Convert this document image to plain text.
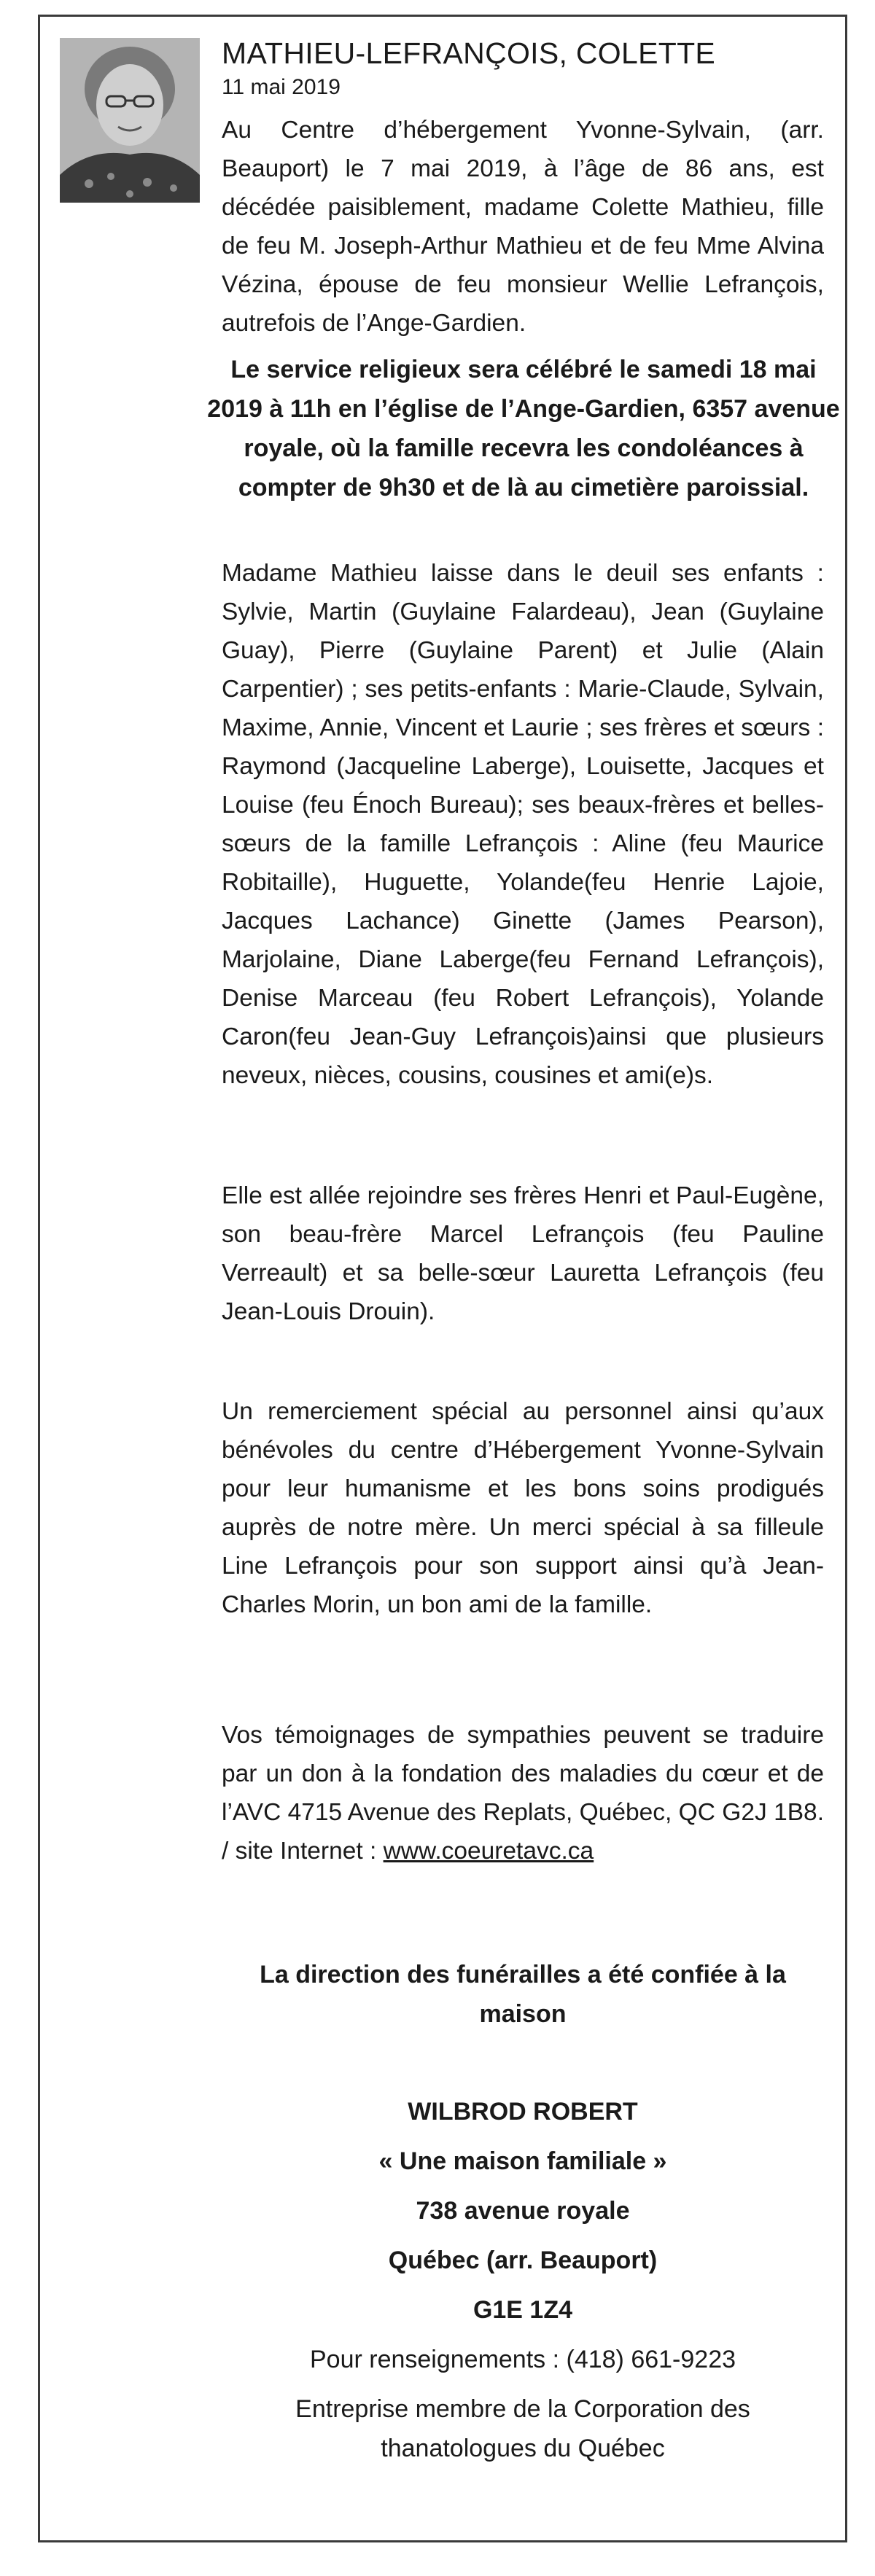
MATHIEU-LEFRANÇOIS, COLETTE
11 mai 2019

Au Centre d’hébergement Yvonne-Sylvain, (arr. Beauport) le 7 mai 2019, à l’âge de 86 ans, est décédée paisiblement, madame Colette Mathieu, fille de feu M. Joseph-Arthur Mathieu et de feu Mme Alvina Vézina, épouse de feu monsieur Wellie Lefrançois, autrefois de l’Ange-Gardien.

Le service religieux sera célébré le samedi 18 mai 2019 à 11h en l’église de l’Ange-Gardien, 6357 avenue royale, où la famille recevra les condoléances à compter de 9h30 et de là au cimetière paroissial.

Madame Mathieu laisse dans le deuil ses enfants : Sylvie, Martin (Guylaine Falardeau), Jean (Guylaine Guay), Pierre (Guylaine Parent) et Julie (Alain Carpentier) ; ses petits-enfants : Marie-Claude, Sylvain, Maxime, Annie, Vincent et Laurie ; ses frères et sœurs : Raymond (Jacqueline Laberge), Louisette, Jacques et Louise (feu Énoch Bureau); ses beaux-frères et belles-sœurs de la famille Lefrançois : Aline (feu Maurice Robitaille), Huguette, Yolande(feu Henrie Lajoie, Jacques Lachance) Ginette (James Pearson), Marjolaine, Diane Laberge(feu Fernand Lefrançois), Denise Marceau (feu Robert Lefrançois), Yolande Caron(feu Jean-Guy Lefrançois)ainsi que plusieurs neveux, nièces, cousins, cousines et ami(e)s.

Elle est allée rejoindre ses frères Henri et Paul-Eugène, son beau-frère Marcel Lefrançois (feu Pauline Verreault) et sa belle-sœur Lauretta Lefrançois (feu Jean-Louis Drouin).

Un remerciement spécial au personnel ainsi qu’aux bénévoles du centre d’Hébergement Yvonne-Sylvain pour leur humanisme et les bons soins prodigués auprès de notre mère. Un merci spécial à sa filleule Line Lefrançois pour son support ainsi qu’à Jean-Charles Morin, un bon ami de la famille.

Vos témoignages de sympathies peuvent se traduire par un don à la fondation des maladies du cœur et de l’AVC 4715 Avenue des Replats, Québec, QC G2J 1B8. / site Internet : www.coeuretavc.ca

La direction des funérailles a été confiée à la maison
WILBROD ROBERT
« Une maison familiale »
738 avenue royale
Québec (arr. Beauport)
G1E 1Z4
Pour renseignements : (418) 661-9223
Entreprise membre de la Corporation des thanatologues du Québec
